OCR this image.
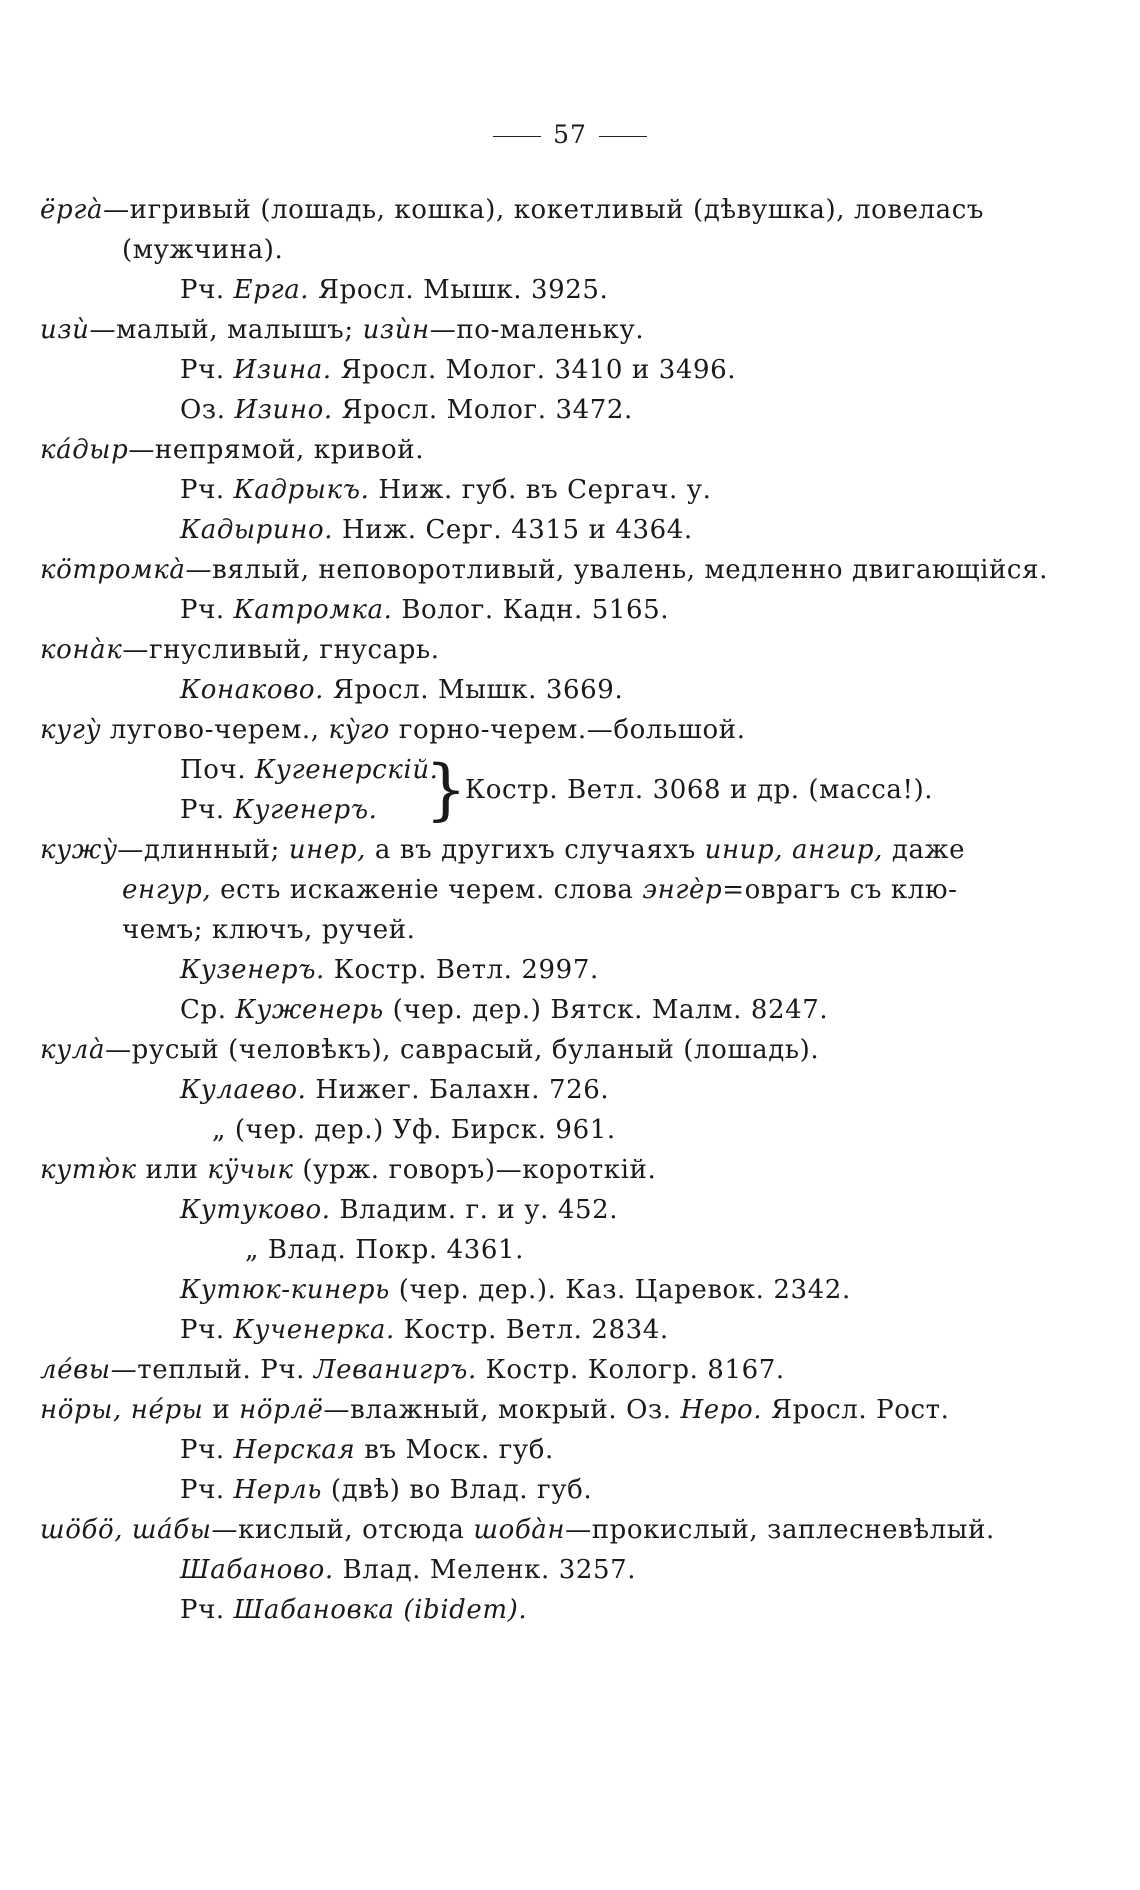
57
ёргà—игривый (лошадь, кошка), кокетливый (дѣвушка), ловеласъ
(мужчина).
Рч. Ерга. Яросл. Мышк. 3925.
изѝ—малый, малышъ; изѝн—по-маленьку.
Рч. Изина. Яросл. Молог. 3410 и 3496.
Оз. Изино. Яросл. Молог. 3472.
кáдыр—непрямой, кривой.
Рч. Кадрыкъ. Ниж. губ. въ Сергач. у.
Кадырино. Ниж. Серг. 4315 и 4364.
кöтромкà—вялый, неповоротливый, увалень, медленно двигающійся.
Рч. Катромка. Волог. Кадн. 5165.
конàк—гнусливый, гнусарь.
Конаково. Яросл. Мышк. 3669.
кугỳ лугово-черем., кỳго горно-черем.—большой.
Поч. Кугенерскій.
Рч. Кугенеръ. }
Костр. Ветл. 3068 и др. (масса!).
кужỳ—длинный; инер, а въ другихъ случаяхъ инир, ангир, даже
енгур, есть искаженіе черем. слова энгèр=оврагъ съ клю-
чемъ; ключъ, ручей.
Кузенеръ. Костр. Ветл. 2997.
Ср. Кужeнерь (чер. дер.) Вятск. Малм. 8247.
кулà—русый (человѣкъ), саврасый, буланый (лошадь).
Кулаево. Нижег. Балахн. 726.
„ (чер. дер.) Уф. Бирск. 961.
кутю̀к или кÿчык (урж. говоръ)—короткій.
Кутуково. Владим. г. и у. 452.
„ Влад. Покр. 4361.
Кутюк-кинерь (чер. дер.). Каз. Царевок. 2342.
Рч. Кученерка. Костр. Ветл. 2834.
лéвы—теплый. Рч. Леванигръ. Костр. Кологр. 8167.
нöры, нéры и нöрлё—влажный, мокрый. Оз. Неро. Яросл. Рост.
Рч. Нерская въ Моск. губ.
Рч. Нерль (двѣ) во Влад. губ.
шöбö, шáбы—кислый, отсюда шобàн—прокислый, заплесневѣлый.
Шабаново. Влад. Меленк. 3257.
Рч. Шабановка (ibidem).
